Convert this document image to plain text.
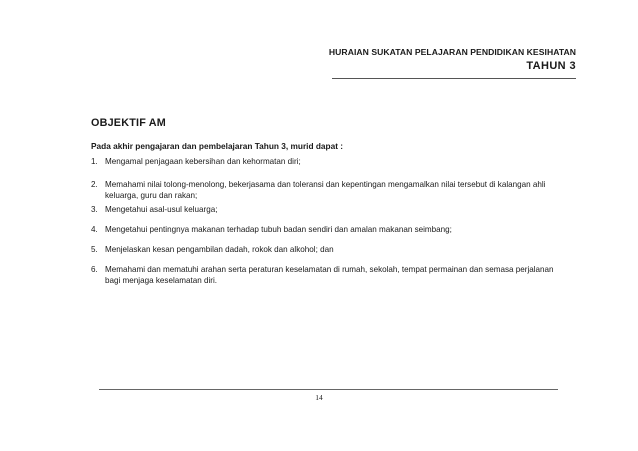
HURAIAN SUKATAN PELAJARAN PENDIDIKAN KESIHATAN
TAHUN 3
OBJEKTIF AM
Pada akhir pengajaran dan pembelajaran Tahun 3, murid dapat :
1. Mengamal penjagaan kebersihan dan kehormatan diri;
2. Memahami nilai tolong-menolong, bekerjasama dan toleransi dan kepentingan mengamalkan nilai tersebut di kalangan ahli keluarga, guru dan rakan;
3. Mengetahui asal-usul keluarga;
4. Mengetahui pentingnya makanan terhadap tubuh badan sendiri dan amalan makanan seimbang;
5. Menjelaskan kesan pengambilan dadah, rokok dan alkohol; dan
6. Memahami dan mematuhi arahan serta peraturan keselamatan di rumah, sekolah, tempat permainan dan semasa perjalanan bagi menjaga keselamatan diri.
14
